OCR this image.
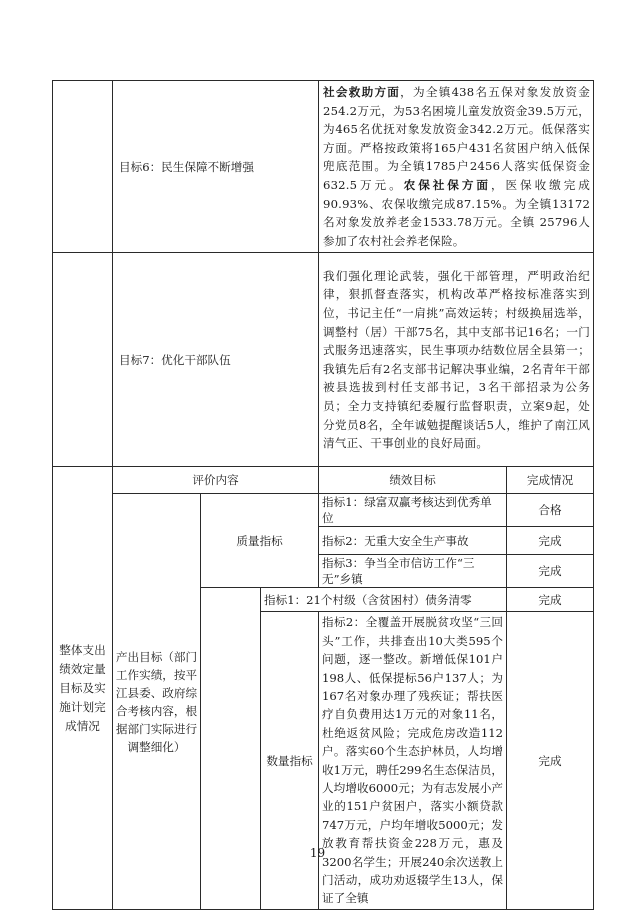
	目标6：民生保障不断增强			社会救助方面，为全镇438名五保对象发放资金254.2万元，为53名困境儿童发放资金39.5万元，为465名优抚对象发放资金342.2万元。低保落实方面。严格按政策将165户431名贫困户纳入低保兜底范围。为全镇1785户2456人落实低保资金632.5万元。农保社保方面，医保收缴完成90.93%、农保收缴完成87.15%。为全镇13172名对象发放养老金1533.78万元。全镇 25796人参加了农村社会养老保险。	
	目标7：优化干部队伍			我们强化理论武装，强化干部管理，严明政治纪律，狠抓督查落实，机构改革严格按标准落实到位，书记主任“一肩挑”高效运转；村级换届选举，调整村（居）干部75名，其中支部书记16名；一门式服务迅速落实，民生事项办结数位居全县第一；我镇先后有2名支部书记解决事业编，2名青年干部被县选拔到村任支部书记，3名干部招录为公务员；全力支持镇纪委履行监督职责，立案9起，处分党员8名，全年诚勉提醒谈话5人，维护了南江风清气正、干事创业的良好局面。	
整体支出绩效定量目标及实施计划完成情况	评价内容			绩效目标	完成情况
	产出目标（部门工作实绩，按平江县委、政府综合考核内容，根据部门实际进行调整细化）	质量指标		指标1：绿富双赢考核达到优秀单位	合格
				指标2：无重大安全生产事故	完成
				指标3：争当全市信访工作“三无”乡镇	完成
			指标1：21个村级（含贫困村）债务清零		完成
			数量指标	指标2：全覆盖开展脱贫攻坚“三回头”工作，共排查出10大类595个问题，逐一整改。新增低保101户198人、低保提标56户137人；为167名对象办理了残疾证；帮扶医疗自负费用达1万元的对象11名，杜绝返贫风险；完成危房改造112户。落实60个生态护林员，人均增收1万元，聘任299名生态保洁员，人均增收6000元；为有志发展小产业的151户贫困户，落实小额贷款747万元，户均年增收5000元；发放教育帮扶资金228万元，惠及3200名学生；开展240余次送教上门活动，成功劝返辍学生13人，保证了全镇	完成

19
